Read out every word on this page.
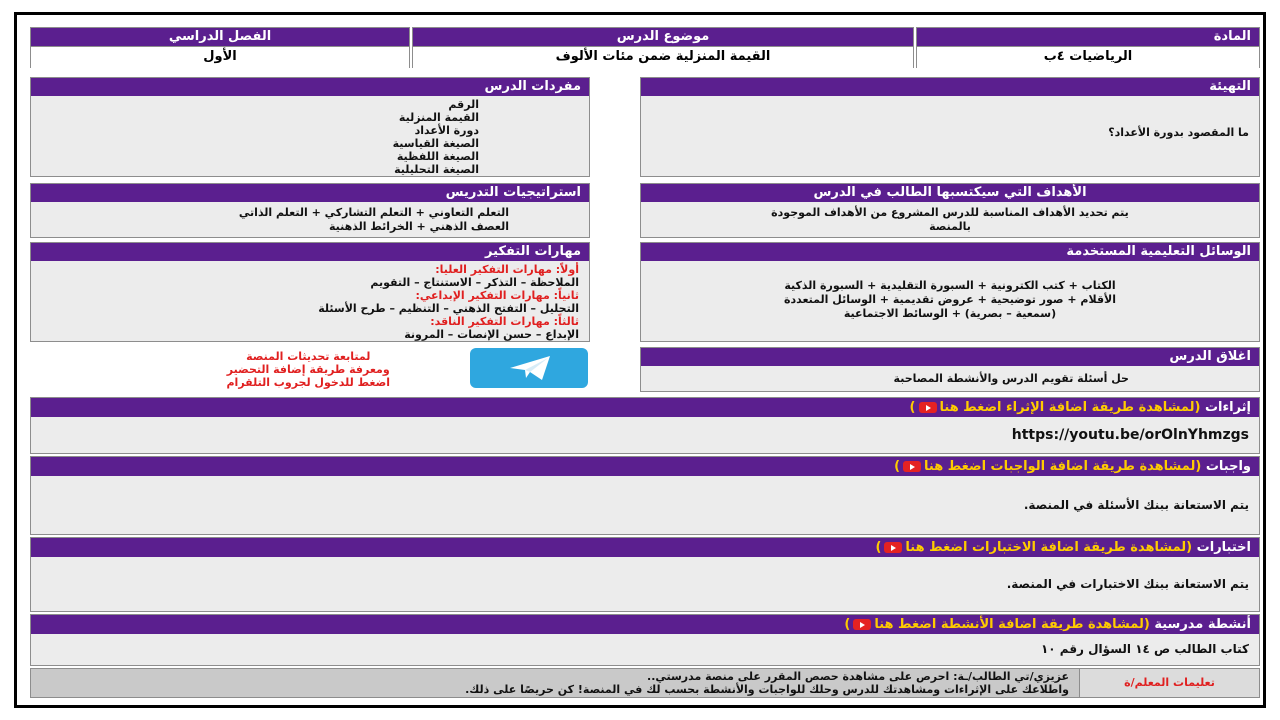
المادة
الرياضيات ٤ب
موضوع الدرس
القيمة المنزلية ضمن مئات الألوف
الفصل الدراسي
الأول
التهيئة
ما المقصود بدورة الأعداد؟
الأهداف التي سيكتسبها الطالب في الدرس
يتم تحديد الأهداف المناسبة للدرس المشروع من الأهداف الموجودة
بالمنصة
الوسائل التعليمية المستخدمة
الكتاب + كتب الكترونية + السبورة التقليدية + السبورة الذكية
الأقلام + صور توضيحية + عروض تقديمية + الوسائل المتعددة
(سمعية – بصرية) + الوسائط الاجتماعية
اغلاق الدرس
حل أسئلة تقويم الدرس والأنشطة المصاحبة
مفردات الدرس
الرقم
القيمة المنزلية
دورة الأعداد
الصيغة القياسية
الصيغة اللفظية
الصيغة التحليلية
استراتيجيات التدريس
التعلم التعاوني + التعلم التشاركي + التعلم الذاتي
العصف الذهني + الخرائط الذهنية
مهارات التفكير
أولاً: مهارات التفكير العليا:
الملاحظة – التذكر – الاستنتاج – التقويم
ثانياً: مهارات التفكير الإبداعي:
التحليل – التفتح الذهني – التنظيم – طرح الأسئلة
ثالثاً: مهارات التفكير الناقد:
الإبداع – حسن الإنصات – المرونة
لمتابعة تحديثات المنصة
ومعرفة طريقة إضافة التحضير
اضغط للدخول لجروب التلقرام
إثراءات (لمشاهدة طريقة اضافة الإثراء اضغط هنا)
https://youtu.be/orOlnYhmzgs
واجبات (لمشاهدة طريقة اضافة الواجبات اضغط هنا)
يتم الاستعانة ببنك الأسئلة في المنصة.
اختبارات (لمشاهدة طريقة اضافة الاختبارات اضغط هنا)
يتم الاستعانة ببنك الاختبارات في المنصة.
أنشطة مدرسية (لمشاهدة طريقة اضافة الأنشطة اضغط هنا)
كتاب الطالب ص ١٤ السؤال رقم ١٠
تعليمات المعلم/ة
عزيزي/تي الطالب/ـة: احرص على مشاهدة حصص المقرر على منصة مدرستي..
واطلاعك على الإثراءات ومشاهدتك للدرس وحلك للواجبات والأنشطة بحسب لك في المنصة! كن حريصًا على ذلك.
